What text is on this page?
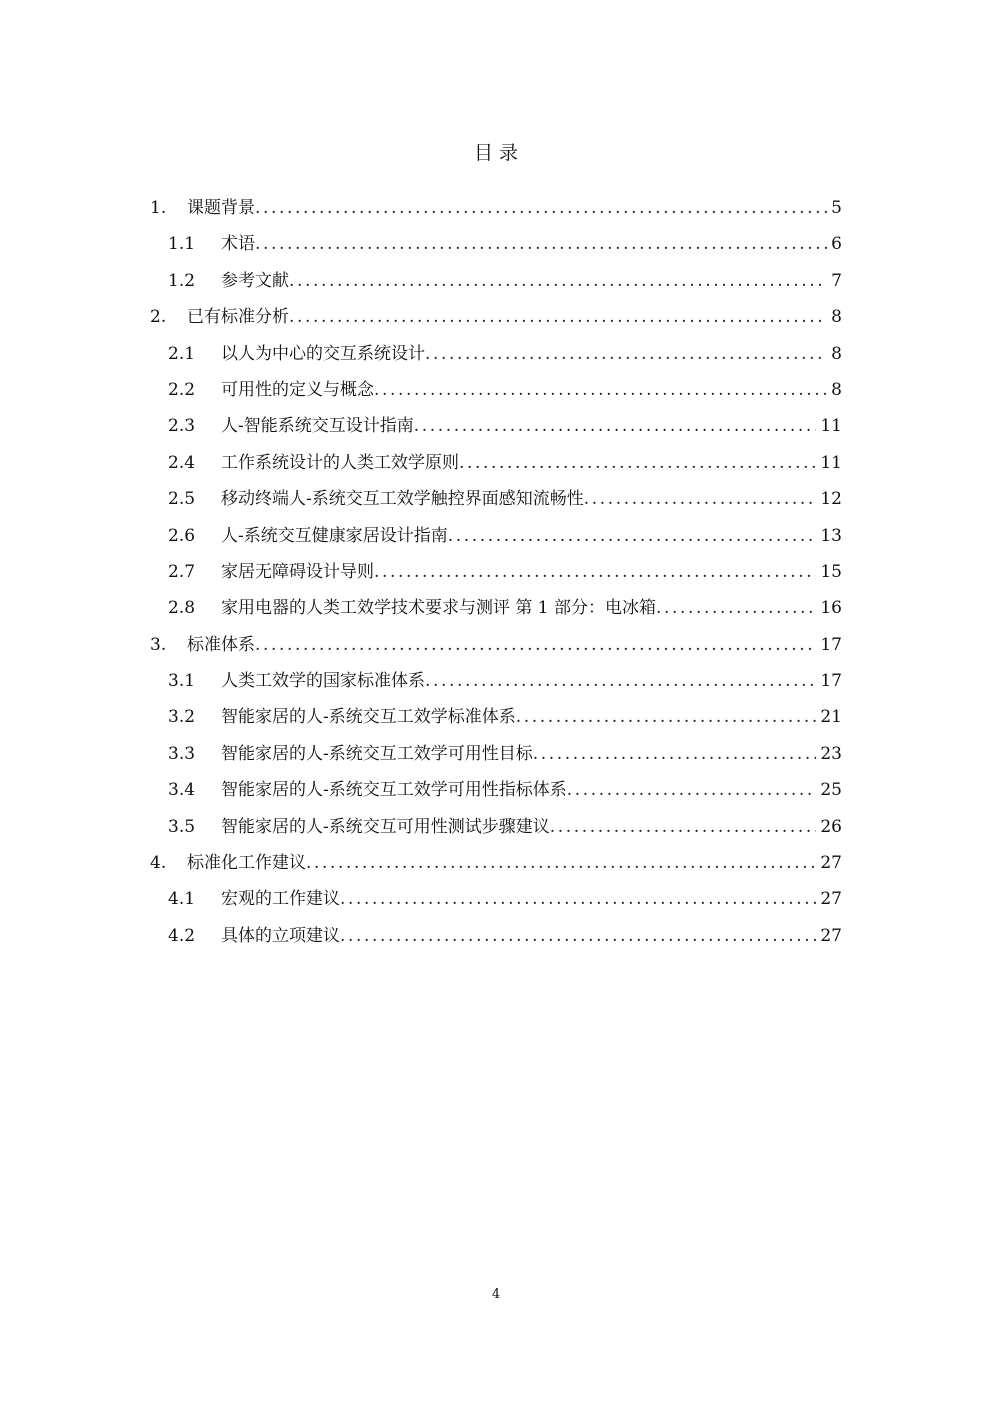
目 录
1.	课题背景 .....	5
1.1	术语 .....	6
1.2	参考文献 .....	7
2.	已有标准分析 .....	8
2.1	以人为中心的交互系统设计 .....	8
2.2	可用性的定义与概念 .....	8
2.3	人-智能系统交互设计指南 .....	11
2.4	工作系统设计的人类工效学原则 .....	11
2.5	移动终端人-系统交互工效学触控界面感知流畅性 .....	12
2.6	人-系统交互健康家居设计指南 .....	13
2.7	家居无障碍设计导则 .....	15
2.8	家用电器的人类工效学技术要求与测评 第 1 部分：电冰箱 .....	16
3.	标准体系 .....	17
3.1	人类工效学的国家标准体系 .....	17
3.2	智能家居的人-系统交互工效学标准体系 .....	21
3.3	智能家居的人-系统交互工效学可用性目标 .....	23
3.4	智能家居的人-系统交互工效学可用性指标体系 .....	25
3.5	智能家居的人-系统交互可用性测试步骤建议 .....	26
4.	标准化工作建议 .....	27
4.1	宏观的工作建议 .....	27
4.2	具体的立项建议 .....	27
4
